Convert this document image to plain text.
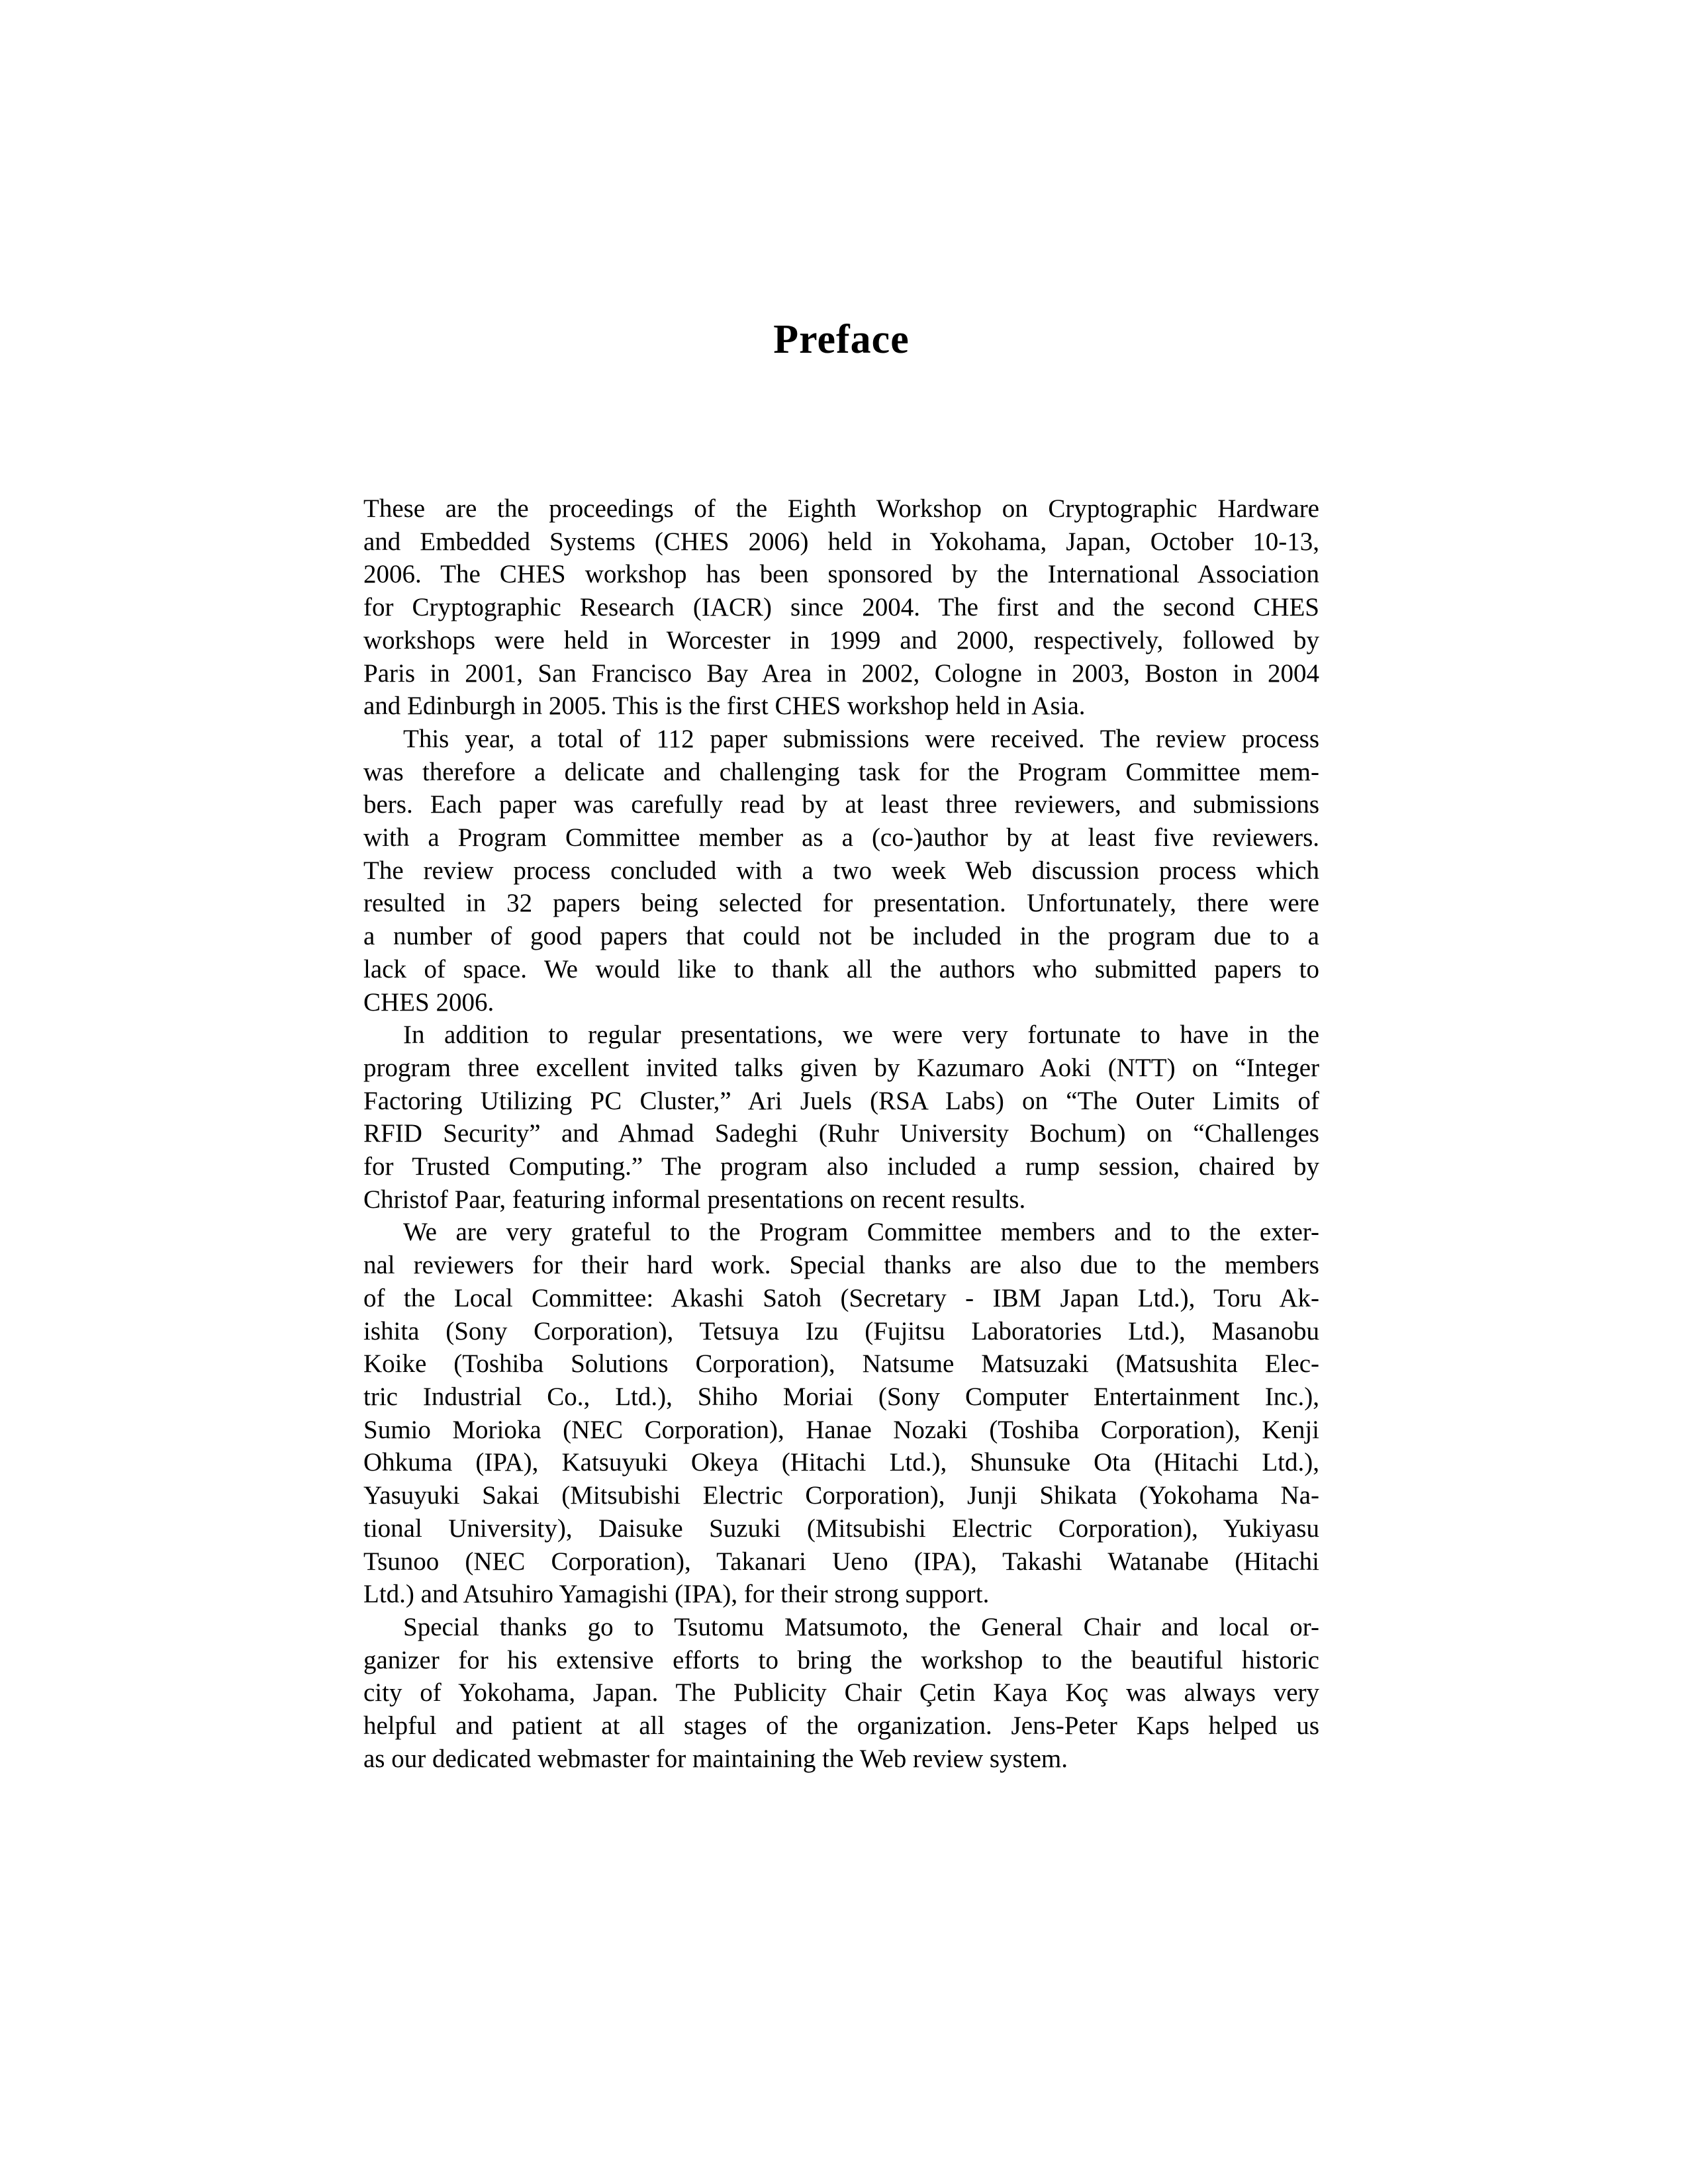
Preface
These are the proceedings of the Eighth Workshop on Cryptographic Hardware
and Embedded Systems (CHES 2006) held in Yokohama, Japan, October 10-13,
2006. The CHES workshop has been sponsored by the International Association
for Cryptographic Research (IACR) since 2004. The first and the second CHES
workshops were held in Worcester in 1999 and 2000, respectively, followed by
Paris in 2001, San Francisco Bay Area in 2002, Cologne in 2003, Boston in 2004
and Edinburgh in 2005. This is the first CHES workshop held in Asia.
This year, a total of 112 paper submissions were received. The review process
was therefore a delicate and challenging task for the Program Committee mem-
bers. Each paper was carefully read by at least three reviewers, and submissions
with a Program Committee member as a (co-)author by at least five reviewers.
The review process concluded with a two week Web discussion process which
resulted in 32 papers being selected for presentation. Unfortunately, there were
a number of good papers that could not be included in the program due to a
lack of space. We would like to thank all the authors who submitted papers to
CHES 2006.
In addition to regular presentations, we were very fortunate to have in the
program three excellent invited talks given by Kazumaro Aoki (NTT) on “Integer
Factoring Utilizing PC Cluster,” Ari Juels (RSA Labs) on “The Outer Limits of
RFID Security” and Ahmad Sadeghi (Ruhr University Bochum) on “Challenges
for Trusted Computing.” The program also included a rump session, chaired by
Christof Paar, featuring informal presentations on recent results.
We are very grateful to the Program Committee members and to the exter-
nal reviewers for their hard work. Special thanks are also due to the members
of the Local Committee: Akashi Satoh (Secretary - IBM Japan Ltd.), Toru Ak-
ishita (Sony Corporation), Tetsuya Izu (Fujitsu Laboratories Ltd.), Masanobu
Koike (Toshiba Solutions Corporation), Natsume Matsuzaki (Matsushita Elec-
tric Industrial Co., Ltd.), Shiho Moriai (Sony Computer Entertainment Inc.),
Sumio Morioka (NEC Corporation), Hanae Nozaki (Toshiba Corporation), Kenji
Ohkuma (IPA), Katsuyuki Okeya (Hitachi Ltd.), Shunsuke Ota (Hitachi Ltd.),
Yasuyuki Sakai (Mitsubishi Electric Corporation), Junji Shikata (Yokohama Na-
tional University), Daisuke Suzuki (Mitsubishi Electric Corporation), Yukiyasu
Tsunoo (NEC Corporation), Takanari Ueno (IPA), Takashi Watanabe (Hitachi
Ltd.) and Atsuhiro Yamagishi (IPA), for their strong support.
Special thanks go to Tsutomu Matsumoto, the General Chair and local or-
ganizer for his extensive efforts to bring the workshop to the beautiful historic
city of Yokohama, Japan. The Publicity Chair Çetin Kaya Koç was always very
helpful and patient at all stages of the organization. Jens-Peter Kaps helped us
as our dedicated webmaster for maintaining the Web review system.
